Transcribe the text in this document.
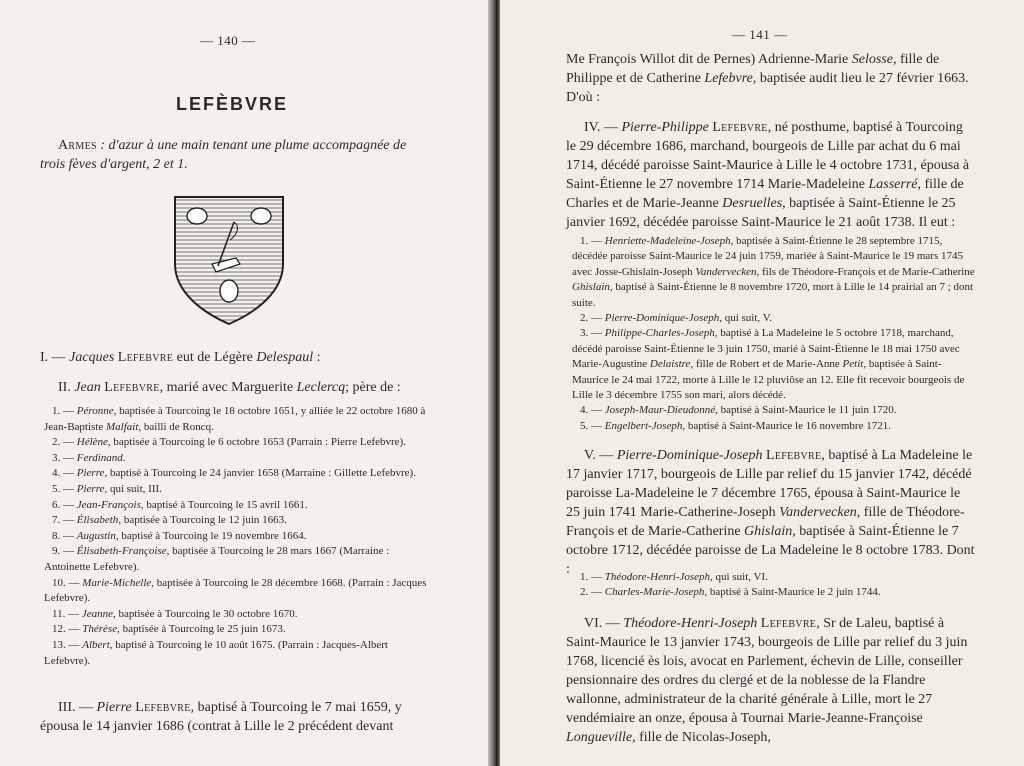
— 140 —
LEFÈBVRE
Armes : d'azur à une main tenant une plume accompagnée de trois fèves d'argent, 2 et 1.
I. — Jacques Lefebvre eut de Légère Delespaul :
II. Jean Lefebvre, marié avec Marguerite Leclercq; père de :
1. — Péronne, baptisée à Tourcoing le 18 octobre 1651, y alliée le 22 octobre 1680 à Jean-Baptiste Malfait, bailli de Roncq.
2. — Hélène, baptisée à Tourcoing le 6 octobre 1653 (Parrain : Pierre Lefebvre).
3. — Ferdinand.
4. — Pierre, baptisé à Tourcoing le 24 janvier 1658 (Marraine : Gillette Lefebvre).
5. — Pierre, qui suit, III.
6. — Jean-François, baptisé à Tourcoing le 15 avril 1661.
7. — Élisabeth, baptisée à Tourcoing le 12 juin 1663.
8. — Augustin, baptisé à Tourcoing le 19 novembre 1664.
9. — Élisabeth-Françoise, baptisée à Tourcoing le 28 mars 1667 (Marraine : Antoinette Lefebvre).
10. — Marie-Michelle, baptisée à Tourcoing le 28 décembre 1668. (Parrain : Jacques Lefebvre).
11. — Jeanne, baptisée à Tourcoing le 30 octobre 1670.
12. — Thérèse, baptisée à Tourcoing le 25 juin 1673.
13. — Albert, baptisé à Tourcoing le 10 août 1675. (Parrain : Jacques-Albert Lefebvre).
III. — Pierre Lefebvre, baptisé à Tourcoing le 7 mai 1659, y épousa le 14 janvier 1686 (contrat à Lille le 2 précédent devant
— 141 —
Me François Willot dit de Pernes) Adrienne-Marie Selosse, fille de Philippe et de Catherine Lefebvre, baptisée audit lieu le 27 février 1663. D'où :
IV. — Pierre-Philippe Lefebvre, né posthume, baptisé à Tourcoing le 29 décembre 1686, marchand, bourgeois de Lille par achat du 6 mai 1714, décédé paroisse Saint-Maurice à Lille le 4 octobre 1731, épousa à Saint-Étienne le 27 novembre 1714 Marie-Madeleine Lasserré, fille de Charles et de Marie-Jeanne Desruelles, baptisée à Saint-Étienne le 25 janvier 1692, décédée paroisse Saint-Maurice le 21 août 1738. Il eut :
1. — Henriette-Madeleine-Joseph, baptisée à Saint-Étienne le 28 septembre 1715, décédée paroisse Saint-Maurice le 24 juin 1759, mariée à Saint-Maurice le 19 mars 1745 avec Josse-Ghislain-Joseph Vandervecken, fils de Théodore-François et de Marie-Catherine Ghislain, baptisé à Saint-Étienne le 8 novembre 1720, mort à Lille le 14 prairial an 7 ; dont suite.
2. — Pierre-Dominique-Joseph, qui suit, V.
3. — Philippe-Charles-Joseph, baptisé à La Madeleine le 5 octobre 1718, marchand, décédé paroisse Saint-Étienne le 3 juin 1750, marié à Saint-Étienne le 18 mai 1750 avec Marie-Augustine Delaistre, fille de Robert et de Marie-Anne Petit, baptisée à Saint-Maurice le 24 mai 1722, morte à Lille le 12 pluviôse an 12. Elle fit recevoir bourgeois de Lille le 3 décembre 1755 son mari, alors décédé.
4. — Joseph-Maur-Dieudonné, baptisé à Saint-Maurice le 11 juin 1720.
5. — Engelbert-Joseph, baptisé à Saint-Maurice le 16 novembre 1721.
V. — Pierre-Dominique-Joseph Lefebvre, baptisé à La Madeleine le 17 janvier 1717, bourgeois de Lille par relief du 15 janvier 1742, décédé paroisse La-Madeleine le 7 décembre 1765, épousa à Saint-Maurice le 25 juin 1741 Marie-Catherine-Joseph Vandervecken, fille de Théodore-François et de Marie-Catherine Ghislain, baptisée à Saint-Étienne le 7 octobre 1712, décédée paroisse de La Madeleine le 8 octobre 1783. Dont : 1. — Théodore-Henri-Joseph, qui suit, VI.
2. — Charles-Marie-Joseph, baptisé à Saint-Maurice le 2 juin 1744.
VI. — Théodore-Henri-Joseph Lefebvre, Sr de Laleu, baptisé à Saint-Maurice le 13 janvier 1743, bourgeois de Lille par relief du 3 juin 1768, licencié ès lois, avocat en Parlement, échevin de Lille, conseiller pensionnaire des ordres du clergé et de la noblesse de la Flandre wallonne, administrateur de la charité générale à Lille, mort le 27 vendémiaire an onze, épousa à Tournai Marie-Jeanne-Françoise Longueville, fille de Nicolas-Joseph,
